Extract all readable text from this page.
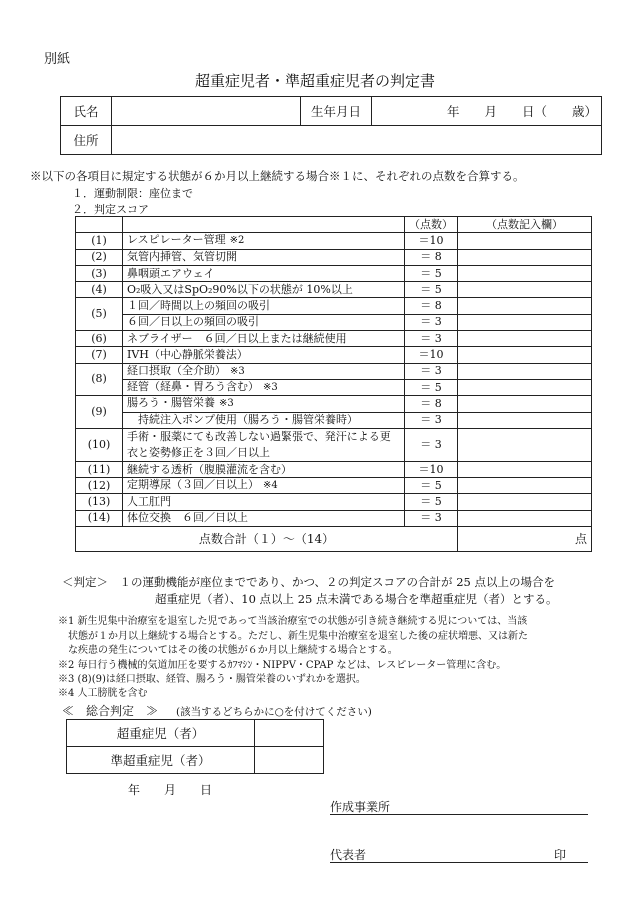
別紙
超重症児者・準超重症児者の判定書
氏名		生年月日	年　　月　　日（　　歳）
住所			
※以下の各項目に規定する状態が６か月以上継続する場合※１に、それぞれの点数を合算する。
１．運動制限：座位まで
２．判定スコア
		（点数）	（点数記入欄）
(1)	レスピレーター管理 ※2	＝10	
(2)	気管内挿管、気管切開	＝ 8	
(3)	鼻咽頭エアウェイ	＝ 5	
(4)	O₂吸入又はSpO₂90%以下の状態が 10%以上	＝ 5	
(5)	１回／時間以上の頻回の吸引	＝ 8	
	６回／日以上の頻回の吸引	＝ 3	
(6)	ネブライザー　６回／日以上または継続使用	＝ 3	
(7)	IVH（中心静脈栄養法）	＝10	
(8)	経口摂取（全介助） ※3	＝ 3	
	経管（経鼻・胃ろう含む） ※3	＝ 5	
(9)	腸ろう・腸管栄養 ※3	＝ 8	
	　持続注入ポンプ使用（腸ろう・腸管栄養時）	＝ 3	
(10)	手術・服薬にても改善しない過緊張で、発汗による更衣と姿勢修正を３回／日以上	＝ 3	
(11)	継続する透析（腹膜灌流を含む）	＝10	
(12)	定期導尿（３回／日以上） ※4	＝ 5	
(13)	人工肛門	＝ 5	
(14)	体位交換　６回／日以上	＝ 3	
点数合計（１）～（14）			点
＜判定＞　１の運動機能が座位までであり、かつ、２の判定スコアの合計が 25 点以上の場合を
超重症児（者）、10 点以上 25 点未満である場合を準超重症児（者）とする。
※1 新生児集中治療室を退室した児であって当該治療室での状態が引き続き継続する児については、当該
状態が１か月以上継続する場合とする。ただし、新生児集中治療室を退室した後の症状増悪、又は新た
な疾患の発生についてはその後の状態が６か月以上継続する場合とする。
※2 毎日行う機械的気道加圧を要するｶﾌﾏｼﾝ・NIPPV・CPAP などは、レスピレーター管理に含む。
※3 (8)(9)は経口摂取、経管、腸ろう・腸管栄養のいずれかを選択。
※4 人工膀胱を含む
≪　総合判定　≫ (該当するどちらかに○を付けてください)
超重症児（者）	
準超重症児（者）	
年　　月　　日
作成事業所
代表者	印
